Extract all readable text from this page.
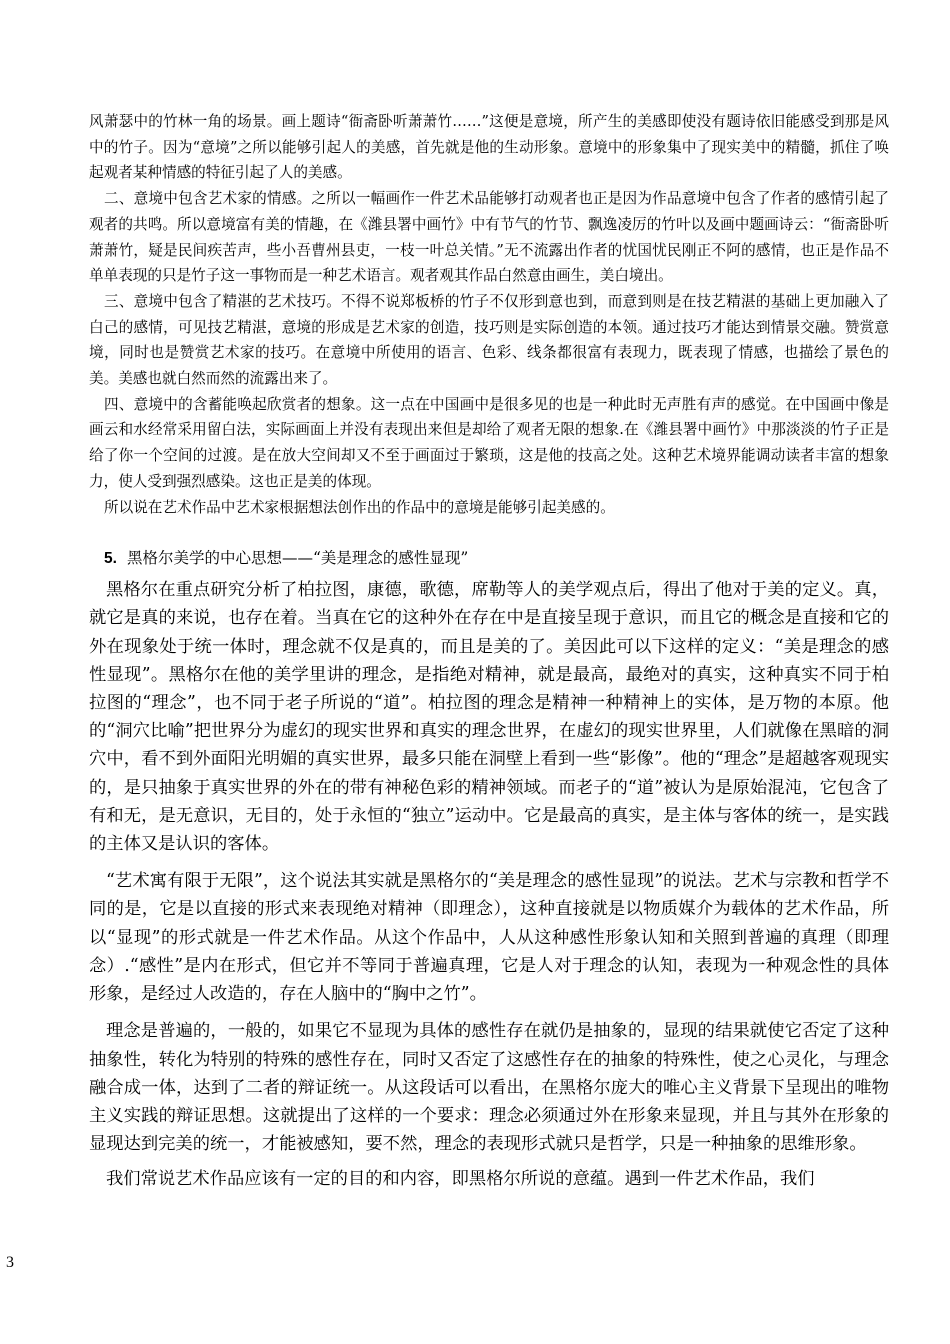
风萧瑟中的竹林一角的场景。画上题诗“衙斋卧听萧萧竹……”这便是意境，所产生的美感即使没有题诗依旧能感受到那是风中的竹子。因为“意境”之所以能够引起人的美感，首先就是他的生动形象。意境中的形象集中了现实美中的精髓，抓住了唤起观者某种情感的特征引起了人的美感。

二、意境中包含艺术家的情感。之所以一幅画作一件艺术品能够打动观者也正是因为作品意境中包含了作者的感情引起了观者的共鸣。所以意境富有美的情趣，在《潍县署中画竹》中有节气的竹节、飘逸凌厉的竹叶以及画中题画诗云：“衙斋卧听萧萧竹，疑是民间疾苦声，些小吾曹州县吏，一枝一叶总关情。”无不流露出作者的忧国忧民刚正不阿的感情，也正是作品不单单表现的只是竹子这一事物而是一种艺术语言。观者观其作品白然意由画生，美白境出。

三、意境中包含了精湛的艺术技巧。不得不说郑板桥的竹子不仅形到意也到，而意到则是在技艺精湛的基础上更加融入了白己的感情，可见技艺精湛，意境的形成是艺术家的创造，技巧则是实际创造的本领。通过技巧才能达到情景交融。赞赏意境，同时也是赞赏艺术家的技巧。在意境中所使用的语言、色彩、线条都很富有表现力，既表现了情感，也描绘了景色的美。美感也就白然而然的流露出来了。

四、意境中的含蓄能唤起欣赏者的想象。这一点在中国画中是很多见的也是一种此时无声胜有声的感觉。在中国画中像是画云和水经常采用留白法，实际画面上并没有表现出来但是却给了观者无限的想象.在《潍县署中画竹》中那淡淡的竹子正是给了你一个空间的过渡。是在放大空间却又不至于画面过于繁琐，这是他的技高之处。这种艺术境界能调动读者丰富的想象力，使人受到强烈感染。这也正是美的体现。

所以说在艺术作品中艺术家根据想法创作出的作品中的意境是能够引起美感的。

5. 黑格尔美学的中心思想——“美是理念的感性显现”

黑格尔在重点研究分析了柏拉图，康德，歌德，席勒等人的美学观点后，得出了他对于美的定义。真，就它是真的来说，也存在着。当真在它的这种外在存在中是直接呈现于意识，而且它的概念是直接和它的外在现象处于统一体时，理念就不仅是真的，而且是美的了。美因此可以下这样的定义：“美是理念的感性显现”。黑格尔在他的美学里讲的理念，是指绝对精神，就是最高，最绝对的真实，这种真实不同于柏拉图的“理念”，也不同于老子所说的“道”。柏拉图的理念是精神一种精神上的实体，是万物的本原。他的“洞穴比喻”把世界分为虚幻的现实世界和真实的理念世界，在虚幻的现实世界里，人们就像在黑暗的洞穴中，看不到外面阳光明媚的真实世界，最多只能在洞壁上看到一些“影像”。他的“理念”是超越客观现实的，是只抽象于真实世界的外在的带有神秘色彩的精神领域。而老子的“道”被认为是原始混沌，它包含了有和无，是无意识，无目的，处于永恒的“独立”运动中。它是最高的真实，是主体与客体的统一，是实践的主体又是认识的客体。

“艺术寓有限于无限”，这个说法其实就是黑格尔的“美是理念的感性显现”的说法。艺术与宗教和哲学不同的是，它是以直接的形式来表现绝对精神（即理念），这种直接就是以物质媒介为载体的艺术作品，所以“显现”的形式就是一件艺术作品。从这个作品中，人从这种感性形象认知和关照到普遍的真理（即理念）.“感性”是内在形式，但它并不等同于普遍真理，它是人对于理念的认知，表现为一种观念性的具体形象，是经过人改造的，存在人脑中的“胸中之竹”。

理念是普遍的，一般的，如果它不显现为具体的感性存在就仍是抽象的，显现的结果就使它否定了这种抽象性，转化为特别的特殊的感性存在，同时又否定了这感性存在的抽象的特殊性，使之心灵化，与理念融合成一体，达到了二者的辩证统一。从这段话可以看出，在黑格尔庞大的唯心主义背景下呈现出的唯物主义实践的辩证思想。这就提出了这样的一个要求：理念必须通过外在形象来显现，并且与其外在形象的显现达到完美的统一，才能被感知，要不然，理念的表现形式就只是哲学，只是一种抽象的思维形象。

我们常说艺术作品应该有一定的目的和内容，即黑格尔所说的意蕴。遇到一件艺术作品，我们

3
